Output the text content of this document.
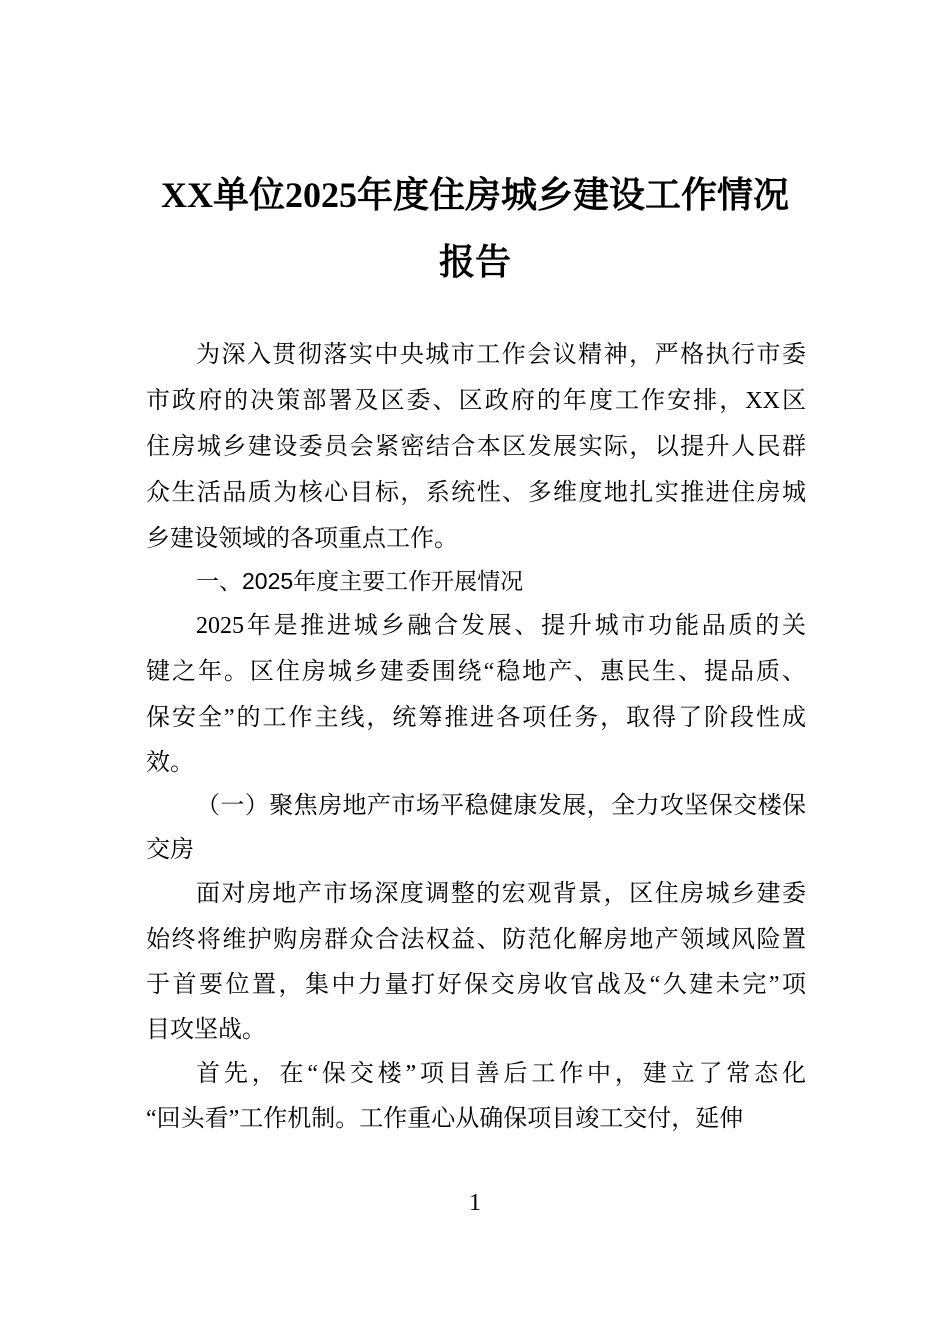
XX单位2025年度住房城乡建设工作情况
报告
为深入贯彻落实中央城市工作会议精神，严格执行市委
市政府的决策部署及区委、区政府的年度工作安排，XX区
住房城乡建设委员会紧密结合本区发展实际，以提升人民群
众生活品质为核心目标，系统性、多维度地扎实推进住房城
乡建设领域的各项重点工作。
一、2025年度主要工作开展情况
2025年是推进城乡融合发展、提升城市功能品质的关
键之年。区住房城乡建委围绕“稳地产、惠民生、提品质、
保安全”的工作主线，统筹推进各项任务，取得了阶段性成
效。
（一）聚焦房地产市场平稳健康发展，全力攻坚保交楼保
交房
面对房地产市场深度调整的宏观背景，区住房城乡建委
始终将维护购房群众合法权益、防范化解房地产领域风险置
于首要位置，集中力量打好保交房收官战及“久建未完”项
目攻坚战。
首先，在“保交楼”项目善后工作中，建立了常态化
“回头看”工作机制。工作重心从确保项目竣工交付，延伸
1
